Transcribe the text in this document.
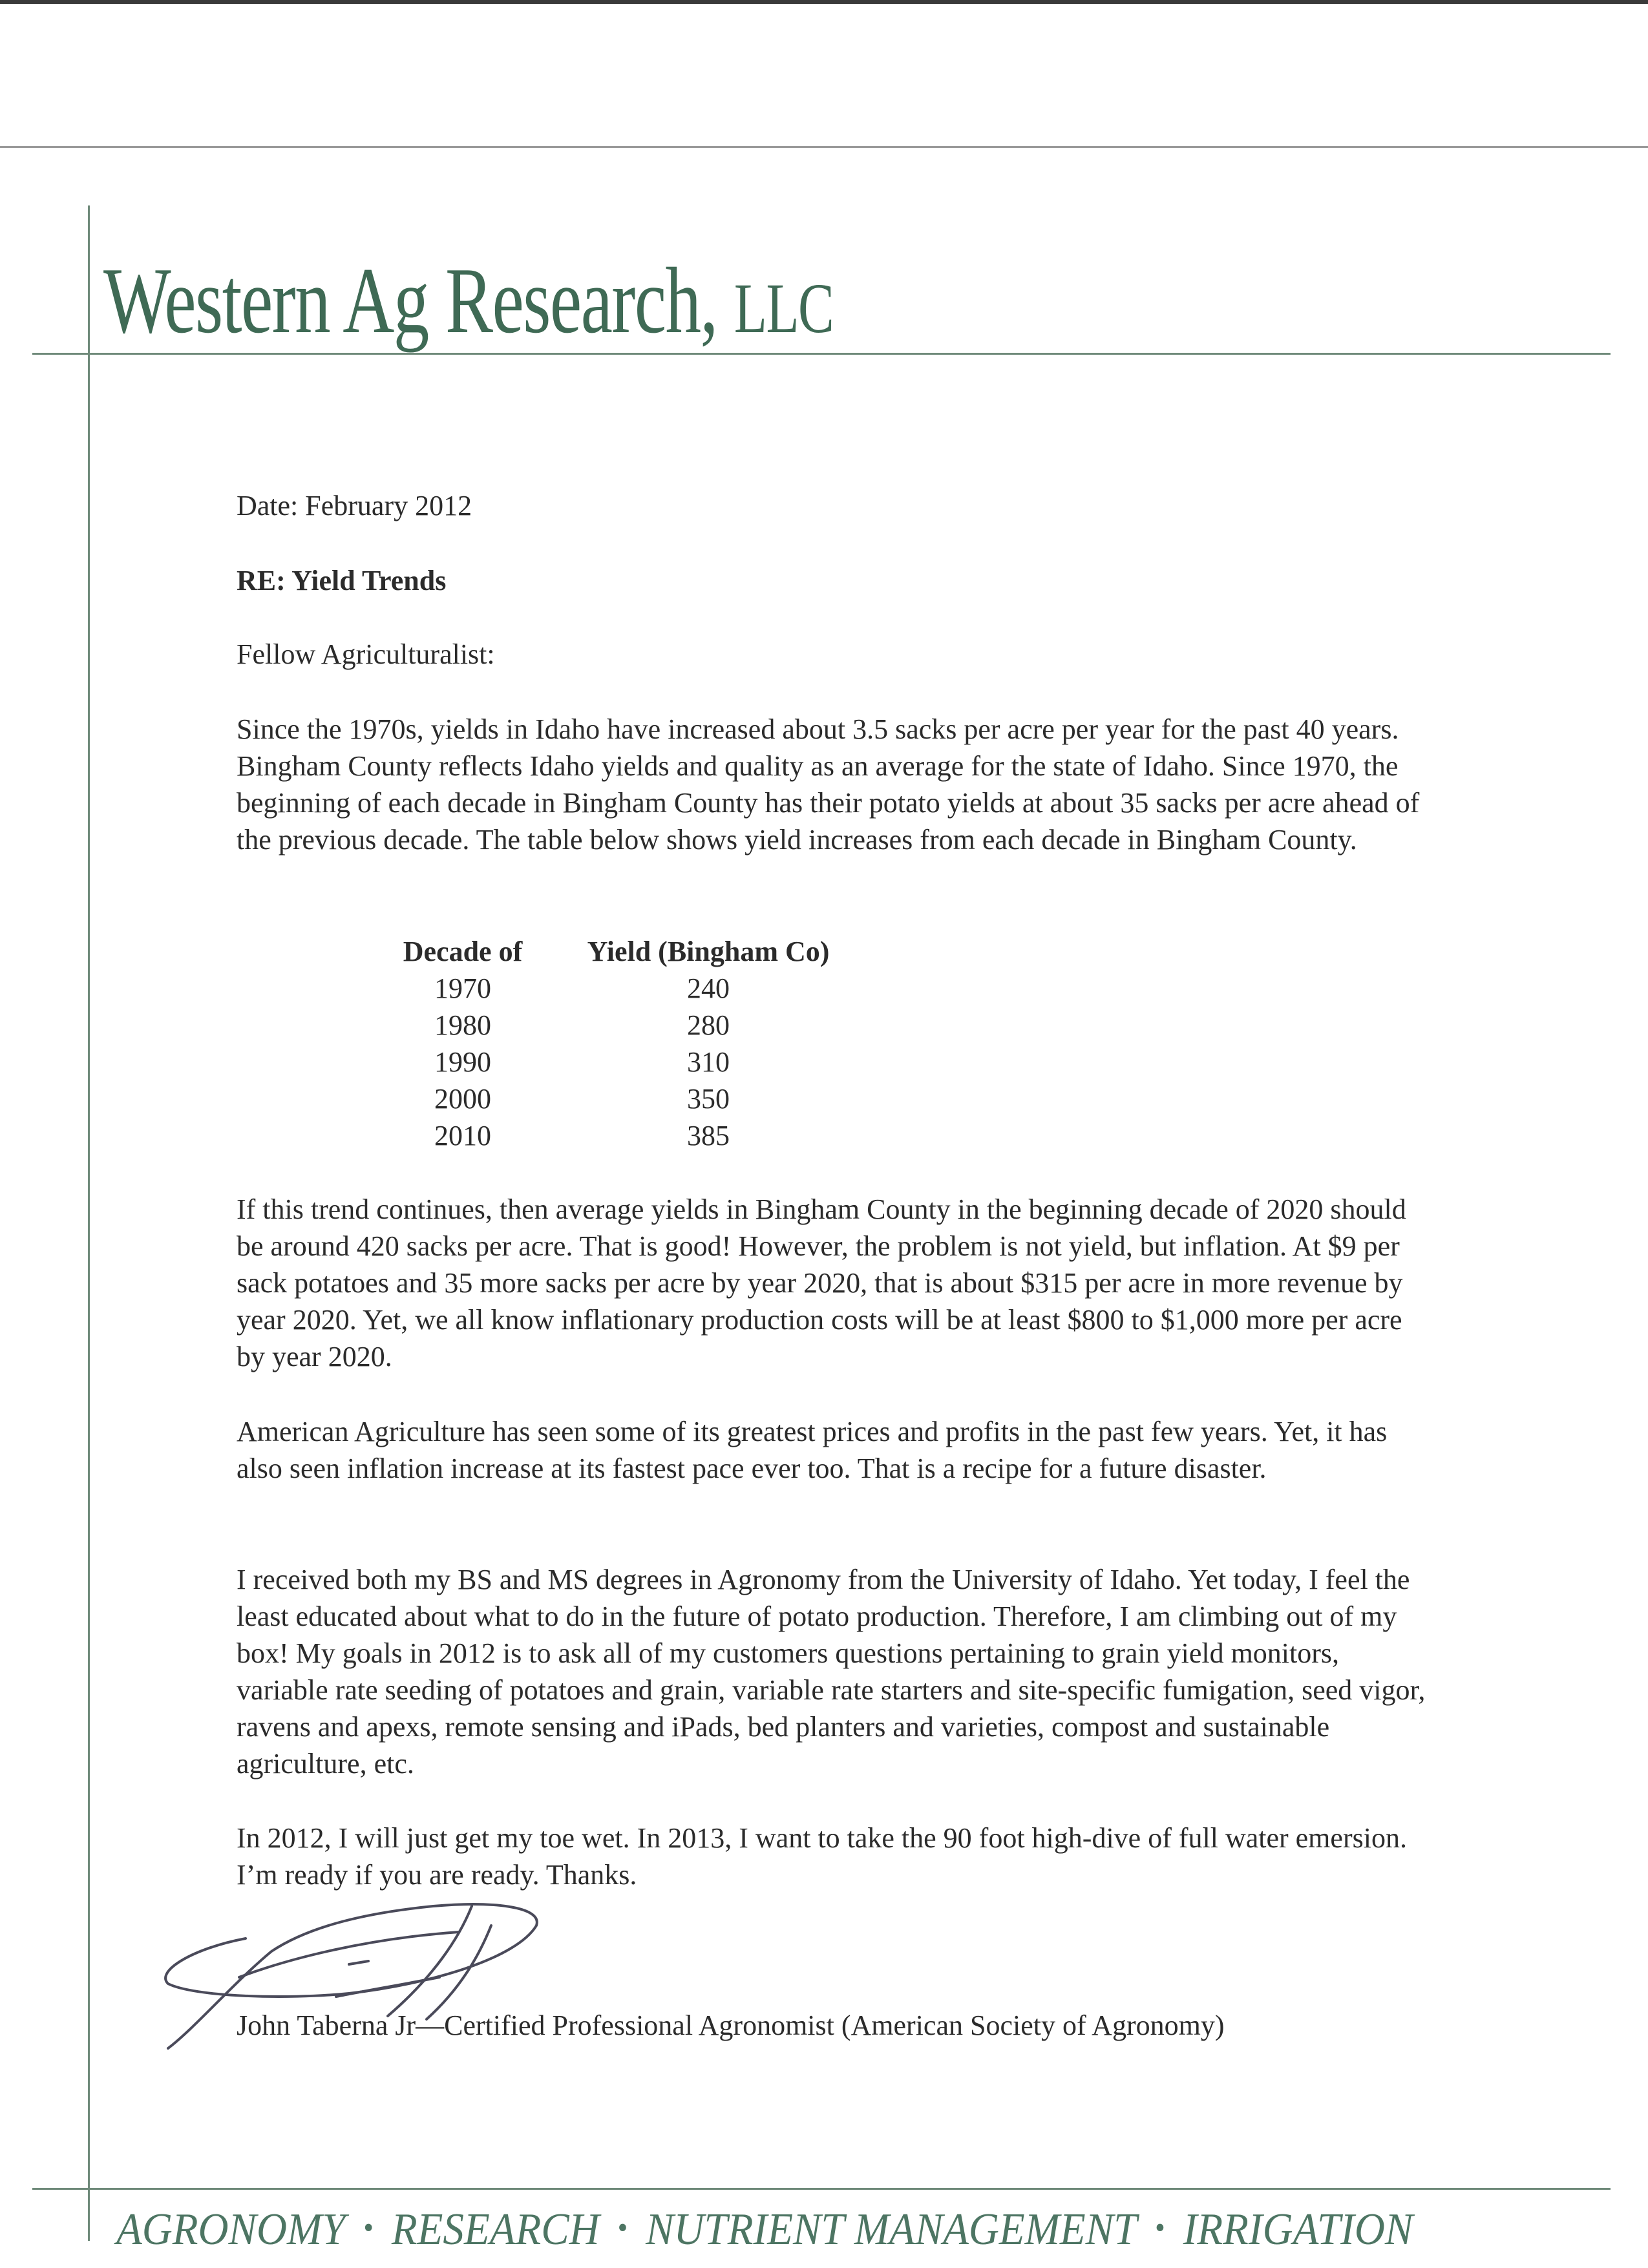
Western Ag Research, LLC
Date: February 2012
RE: Yield Trends
Fellow Agriculturalist:

Since the 1970s, yields in Idaho have increased about 3.5 sacks per acre per year for the past 40 years. Bingham County reflects Idaho yields and quality as an average for the state of Idaho. Since 1970, the beginning of each decade in Bingham County has their potato yields at about 35 sacks per acre ahead of the previous decade. The table below shows yield increases from each decade in Bingham County.

Decade of		Yield (Bingham Co)
1970		240
1980		280
1990		310
2000		350
2010		385

If this trend continues, then average yields in Bingham County in the beginning decade of 2020 should be around 420 sacks per acre. That is good! However, the problem is not yield, but inflation. At $9 per sack potatoes and 35 more sacks per acre by year 2020, that is about $315 per acre in more revenue by year 2020. Yet, we all know inflationary production costs will be at least $800 to $1,000 more per acre by year 2020.

American Agriculture has seen some of its greatest prices and profits in the past few years. Yet, it has also seen inflation increase at its fastest pace ever too. That is a recipe for a future disaster.

I received both my BS and MS degrees in Agronomy from the University of Idaho. Yet today, I feel the least educated about what to do in the future of potato production. Therefore, I am climbing out of my box! My goals in 2012 is to ask all of my customers questions pertaining to grain yield monitors, variable rate seeding of potatoes and grain, variable rate starters and site-specific fumigation, seed vigor, ravens and apexs, remote sensing and iPads, bed planters and varieties, compost and sustainable agriculture, etc.

In 2012, I will just get my toe wet. In 2013, I want to take the 90 foot high-dive of full water emersion. I’m ready if you are ready. Thanks.

John Taberna Jr—Certified Professional Agronomist (American Society of Agronomy)
AGRONOMY • RESEARCH • NUTRIENT MANAGEMENT • IRRIGATION
